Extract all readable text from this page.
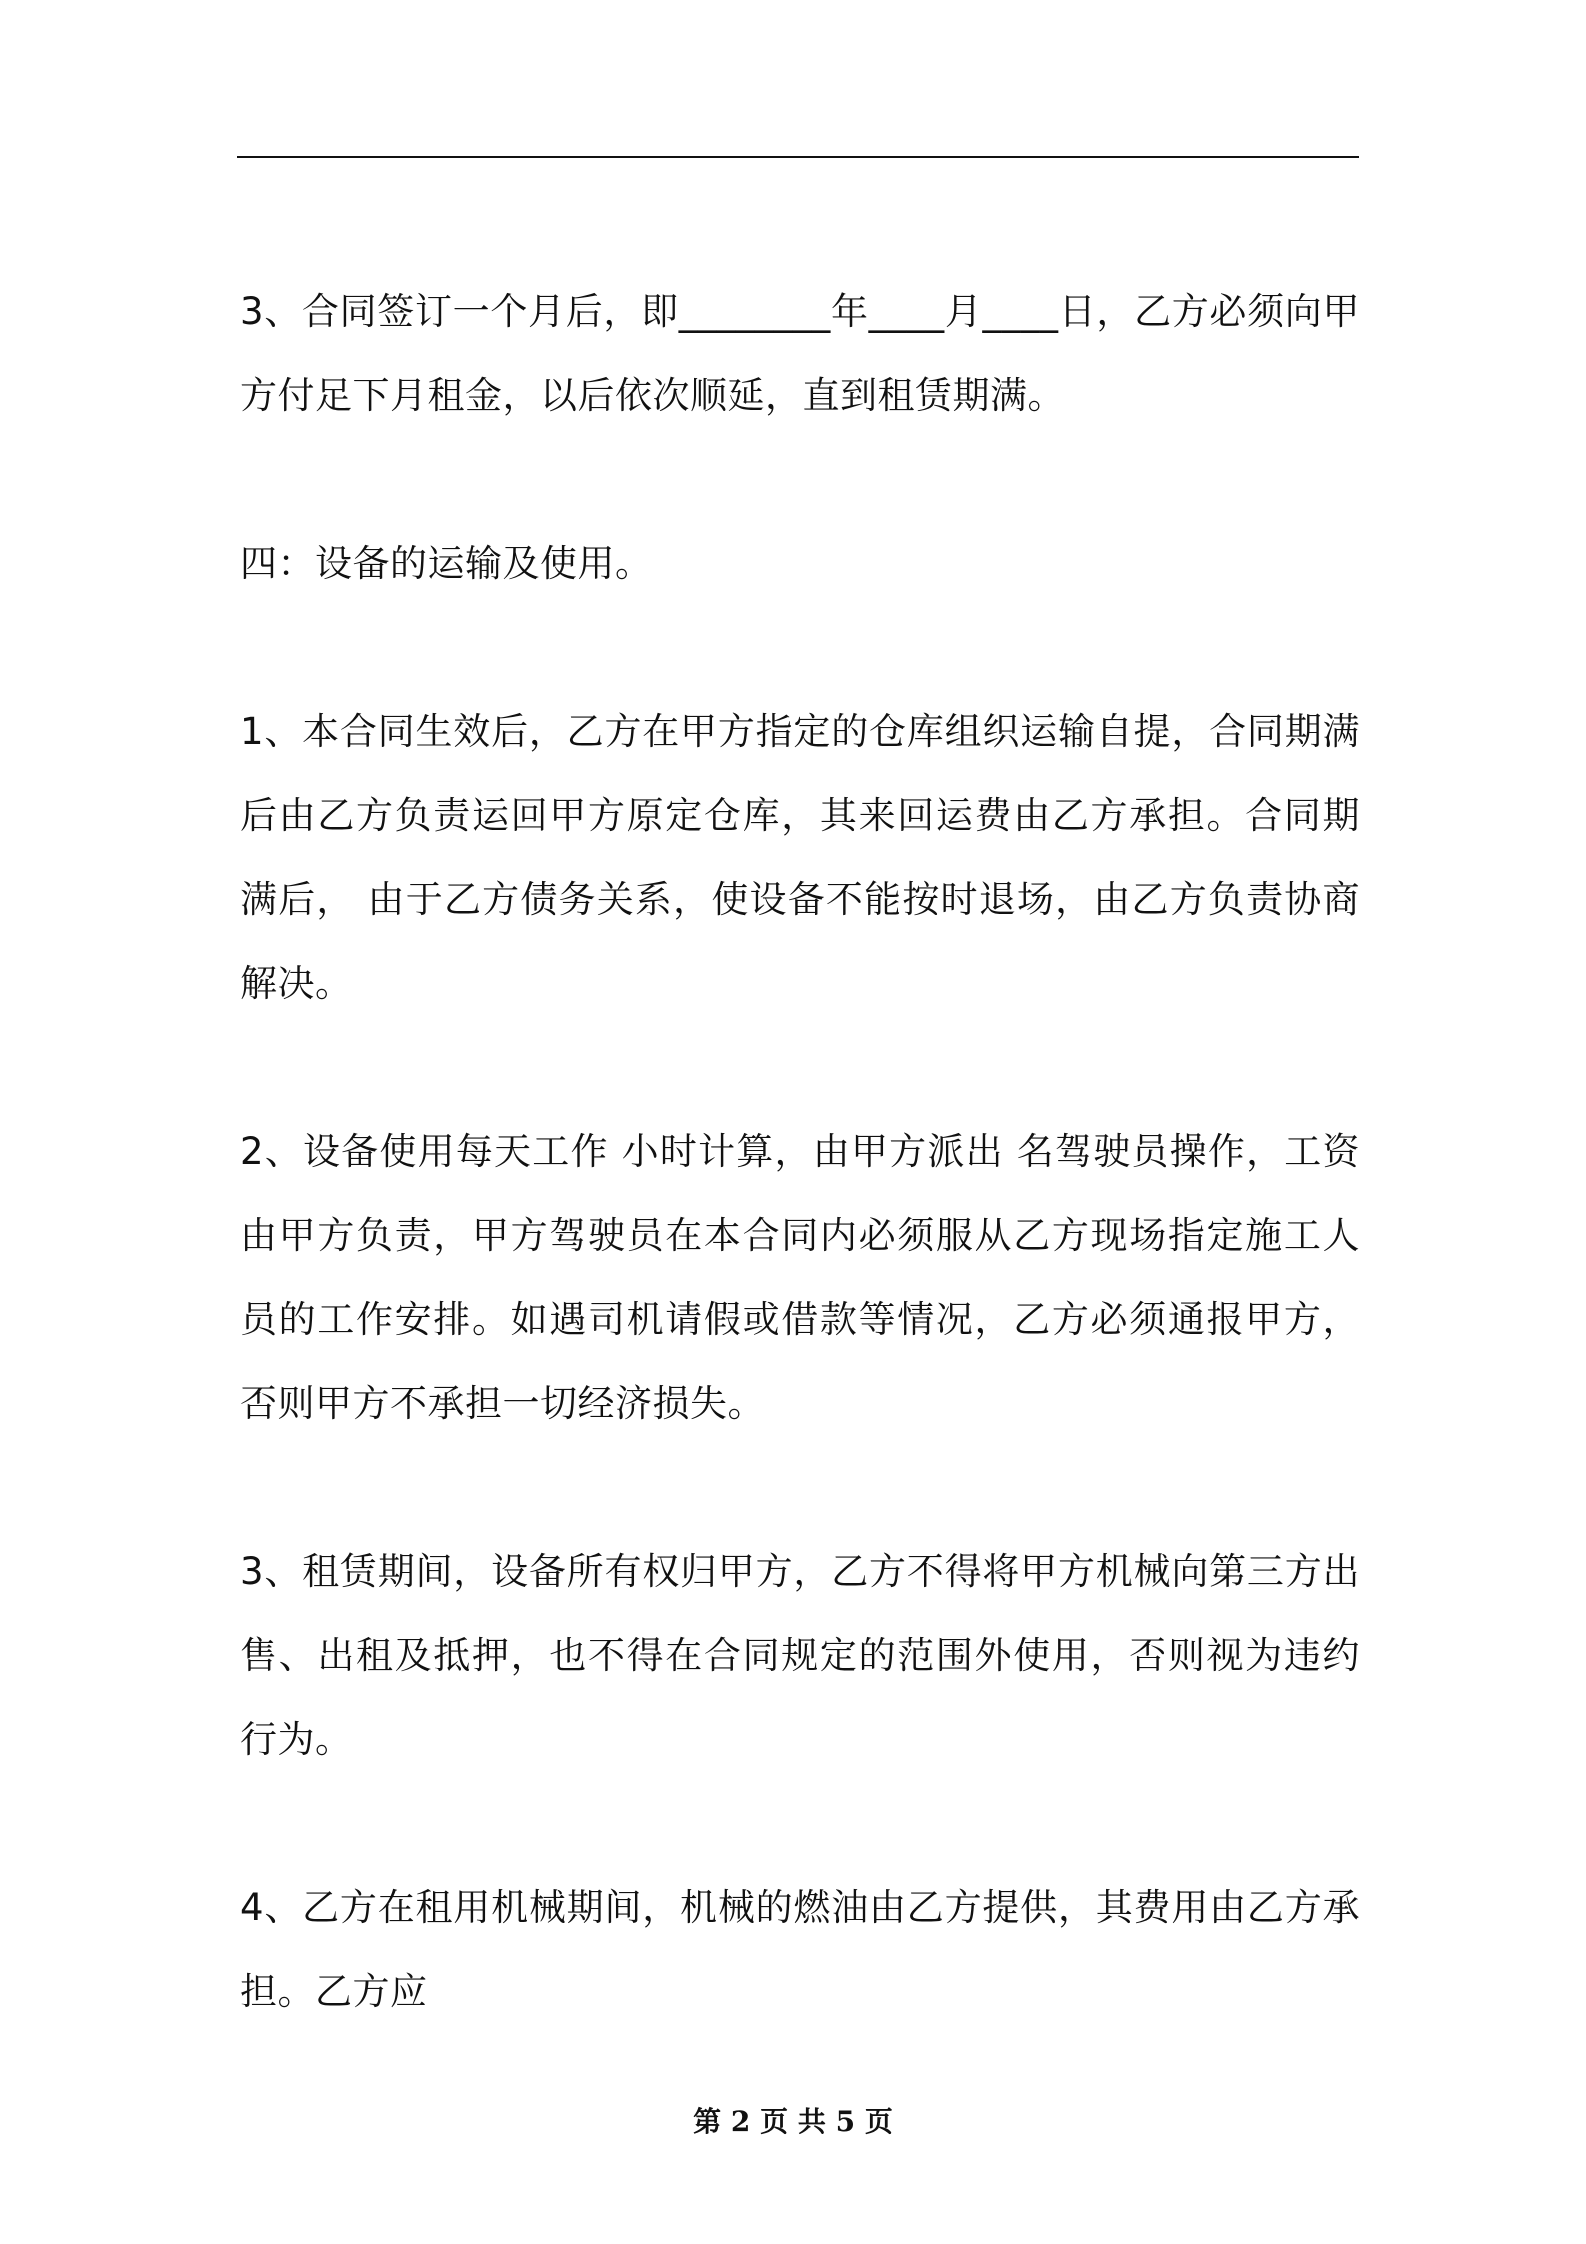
3、合同签订一个月后，即________年____月____日，乙方必须向甲方付足下月租金，以后依次顺延，直到租赁期满。

四：设备的运输及使用。

1、本合同生效后，乙方在甲方指定的仓库组织运输自提，合同期满后由乙方负责运回甲方原定仓库，其来回运费由乙方承担。合同期满后， 由于乙方债务关系，使设备不能按时退场，由乙方负责协商解决。

2、设备使用每天工作 小时计算，由甲方派出 名驾驶员操作，工资由甲方负责，甲方驾驶员在本合同内必须服从乙方现场指定施工人员的工作安排。如遇司机请假或借款等情况，乙方必须通报甲方，否则甲方不承担一切经济损失。

3、租赁期间，设备所有权归甲方，乙方不得将甲方机械向第三方出售、出租及抵押，也不得在合同规定的范围外使用，否则视为违约行为。

4、乙方在租用机械期间，机械的燃油由乙方提供，其费用由乙方承担。乙方应

第 2 页 共 5 页
